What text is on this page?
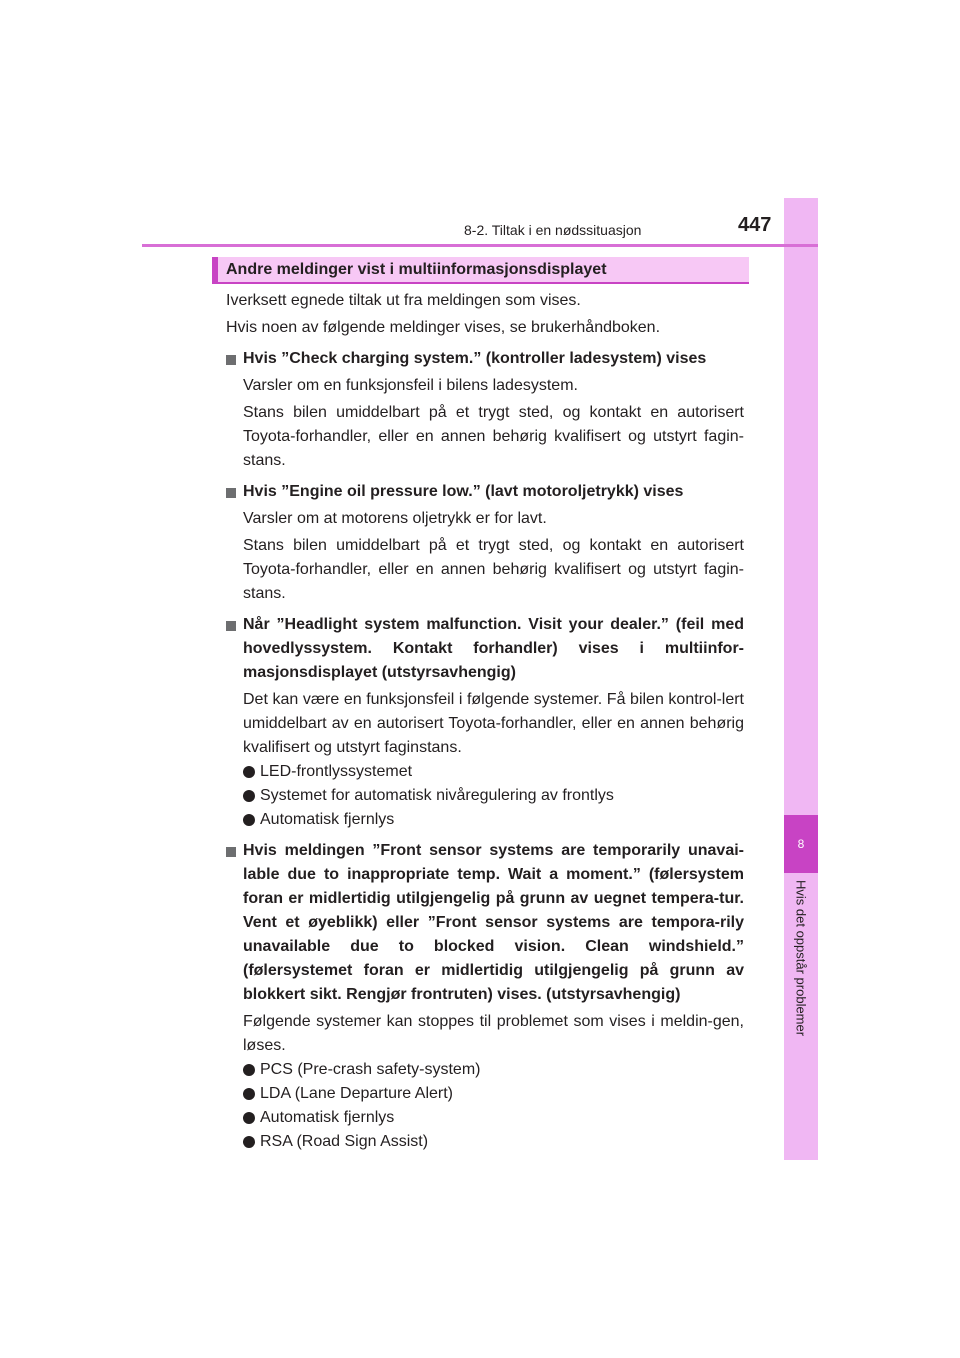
8
Hvis det oppstår problemer
8-2. Tiltak i en nødssituasjon	447
Andre meldinger vist i multiinformasjonsdisplayet

Iverksett egnede tiltak ut fra meldingen som vises.

Hvis noen av følgende meldinger vises, se brukerhåndboken.

Hvis ”Check charging system.” (kontroller ladesystem) vises

Varsler om en funksjonsfeil i bilens ladesystem.

Stans bilen umiddelbart på et trygt sted, og kontakt en autorisert Toyota-forhandler, eller en annen behørig kvalifisert og utstyrt fagin-stans.

Hvis ”Engine oil pressure low.” (lavt motoroljetrykk) vises

Varsler om at motorens oljetrykk er for lavt.

Stans bilen umiddelbart på et trygt sted, og kontakt en autorisert Toyota-forhandler, eller en annen behørig kvalifisert og utstyrt fagin-stans.

Når ”Headlight system malfunction. Visit your dealer.” (feil med hovedlyssystem. Kontakt forhandler) vises i multiinfor-masjonsdisplayet (utstyrsavhengig)

Det kan være en funksjonsfeil i følgende systemer. Få bilen kontrol-lert umiddelbart av en autorisert Toyota-forhandler, eller en annen behørig kvalifisert og utstyrt faginstans.

LED-frontlyssystemet
Systemet for automatisk nivåregulering av frontlys
Automatisk fjernlys
Hvis meldingen ”Front sensor systems are temporarily unavai-lable due to inappropriate temp. Wait a moment.” (følersystem foran er midlertidig utilgjengelig på grunn av uegnet tempera-tur. Vent et øyeblikk) eller ”Front sensor systems are tempora-rily unavailable due to blocked vision. Clean windshield.” (følersystemet foran er midlertidig utilgjengelig på grunn av blokkert sikt. Rengjør frontruten) vises. (utstyrsavhengig)

Følgende systemer kan stoppes til problemet som vises i meldin-gen, løses.

PCS (Pre-crash safety-system)
LDA (Lane Departure Alert)
Automatisk fjernlys
RSA (Road Sign Assist)
